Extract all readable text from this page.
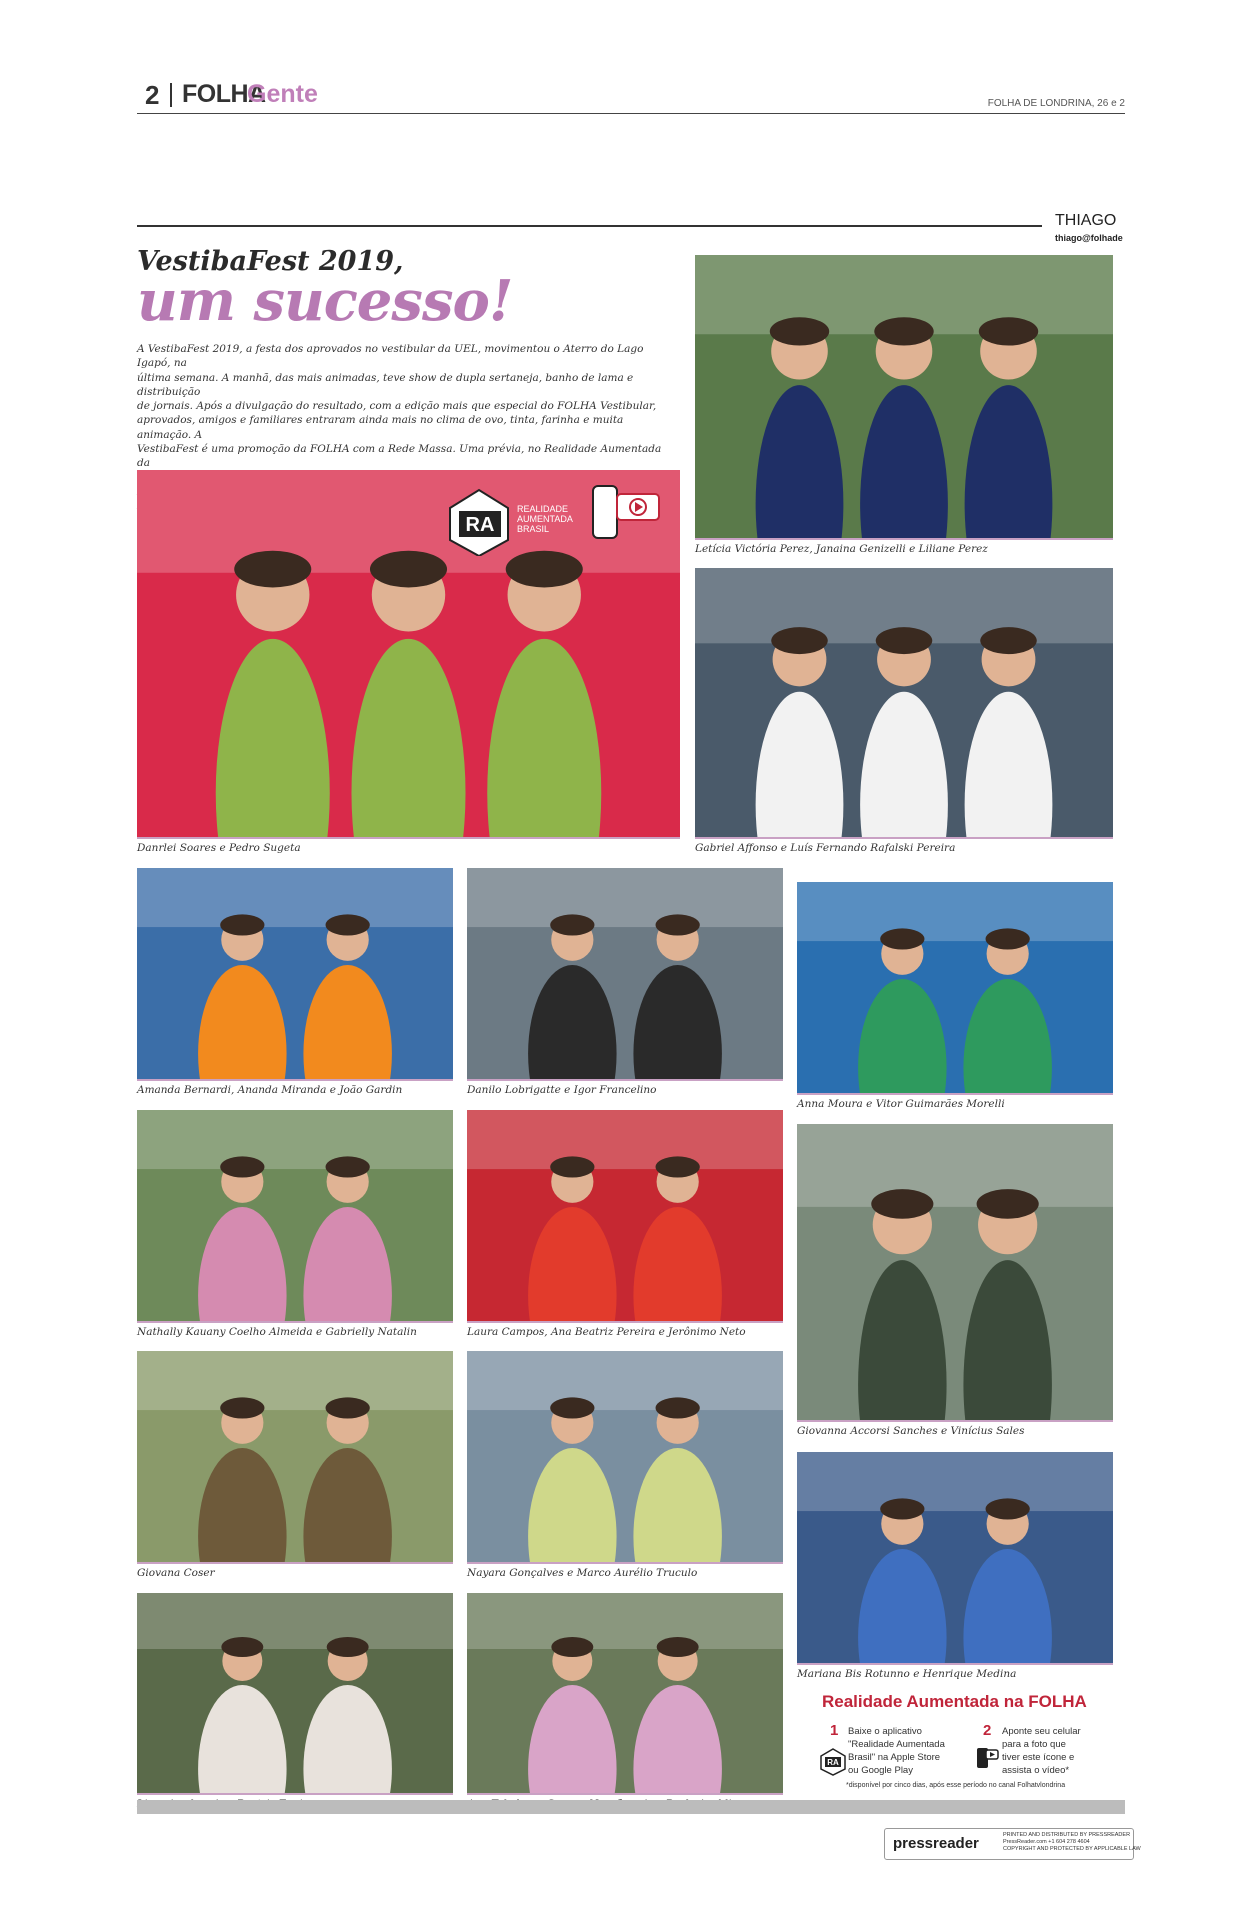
2 FOLHA
Gente	FOLHA DE LONDRINA, 26 e 2
THIAGO
thiago@folhade
VestibaFest 2019,
um sucesso!
A VestibaFest 2019, a festa dos aprovados no vestibular da UEL, movimentou o Aterro do Lago Igapó, na
última semana. A manhã, das mais animadas, teve show de dupla sertaneja, banho de lama e distribuição
de jornais. Após a divulgação do resultado, com a edição mais que especial do FOLHA Vestibular,
aprovados, amigos e familiares entraram ainda mais no clima de ovo, tinta, farinha e muita animação. A
VestibaFest é uma promoção da FOLHA com a Rede Massa. Uma prévia, no Realidade Aumentada da
Letícia Victória Perez, Janaina Genizelli e Liliane Perez
Danrlei Soares e Pedro Sugeta	Gabriel Affonso e Luís Fernando Rafalski Pereira
Amanda Bernardi, Ananda Miranda e João Gardin	Danilo Lobrigatte e Igor Francelino
Anna Moura e Vitor Guimarães Morelli
Nathally Kauany Coelho Almeida e Gabrielly Natalin	Laura Campos, Ana Beatriz Pereira e Jerônimo Neto
Giovanna Accorsi Sanches e Vinícius Sales
Giovana Coser	Nayara Gonçalves e Marco Aurélio Truculo
Mariana Bis Rotunno e Henrique Medina
RA
REALIDADE
AUMENTADA
BRASIL
Realidade Aumentada na FOLHA
1 Baixe o aplicativo
"Realidade Aumentada
Brasil" na Apple Store
ou Google Play
RA
2 Aponte seu celular
para a foto que
tiver este ícone e
assista o vídeo*
*disponível por cinco dias, após esse período no canal Folhatvlondrina
pressreader	PRINTED AND DISTRIBUTED BY PRESSREADER
PressReader.com +1 604 278 4604
COPYRIGHT AND PROTECTED BY APPLICABLE LAW
